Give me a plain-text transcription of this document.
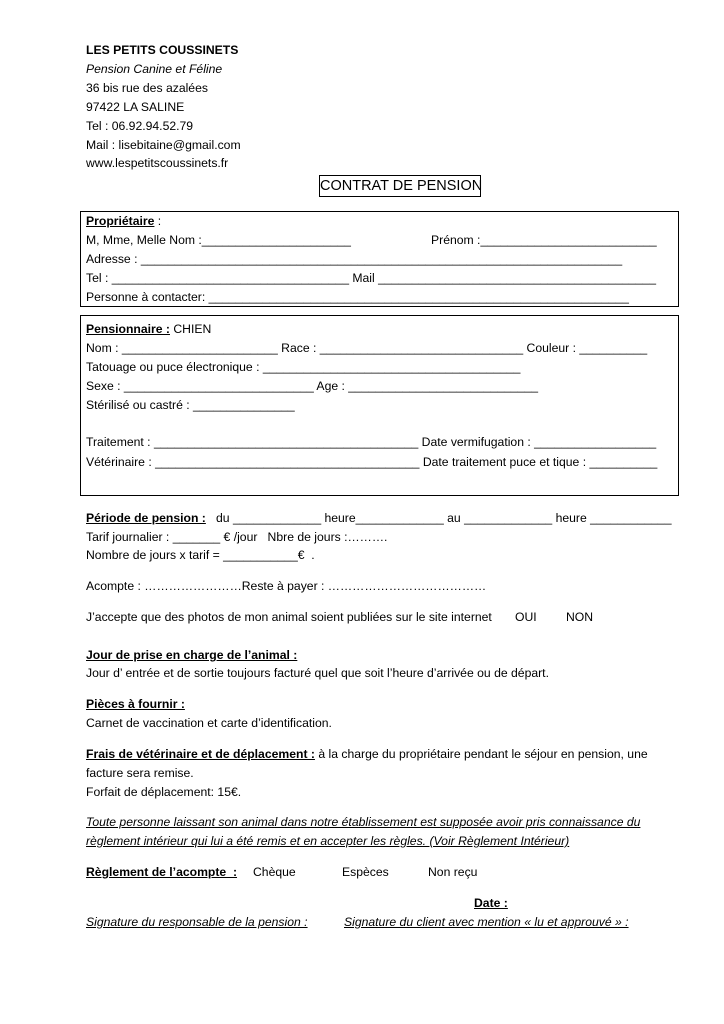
LES PETITS COUSSINETS
Pension Canine et Féline
36 bis rue des azalées
97422 LA SALINE
Tel : 06.92.94.52.79
Mail : lisebitaine@gmail.com
www.lespetitscoussinets.fr
CONTRAT DE PENSION
Propriétaire :
M, Mme, Melle Nom :______________________	Prénom :__________________________
Adresse : _______________________________________________________________________
Tel : ___________________________________ Mail _________________________________________
Personne à contacter: ______________________________________________________________
Pensionnaire : CHIEN
Nom : _______________________ Race : ______________________________ Couleur : __________
Tatouage ou puce électronique : ______________________________________
Sexe : ____________________________ Age : ____________________________
Stérilisé ou castré : _______________
Traitement : _______________________________________ Date vermifugation : __________________
Vétérinaire : _______________________________________ Date traitement puce et tique : __________
Période de pension :   du _____________ heure_____________ au _____________ heure ____________
Tarif journalier : _______ € /jour   Nbre de jours :……….
Nombre de jours x tarif = ___________€  .
Acompte : ……………………Reste à payer : …………………………………
J’accepte que des photos de mon animal soient publiées sur le site internet OUI NON
Jour de prise en charge de l’animal :
Jour d’ entrée et de sortie toujours facturé quel que soit l’heure d’arrivée ou de départ.
Pièces à fournir :
Carnet de vaccination et carte d’identification.
Frais de vétérinaire et de déplacement : à la charge du propriétaire pendant le séjour en pension, une
facture sera remise.
Forfait de déplacement: 15€.
Toute personne laissant son animal dans notre établissement est supposée avoir pris connaissance du
règlement intérieur qui lui a été remis et en accepter les règles. (Voir Règlement Intérieur)
Règlement de l’acompte  : Chèque	Espèces	Non reçu
Date :
Signature du responsable de la pension :	Signature du client avec mention « lu et approuvé » :
